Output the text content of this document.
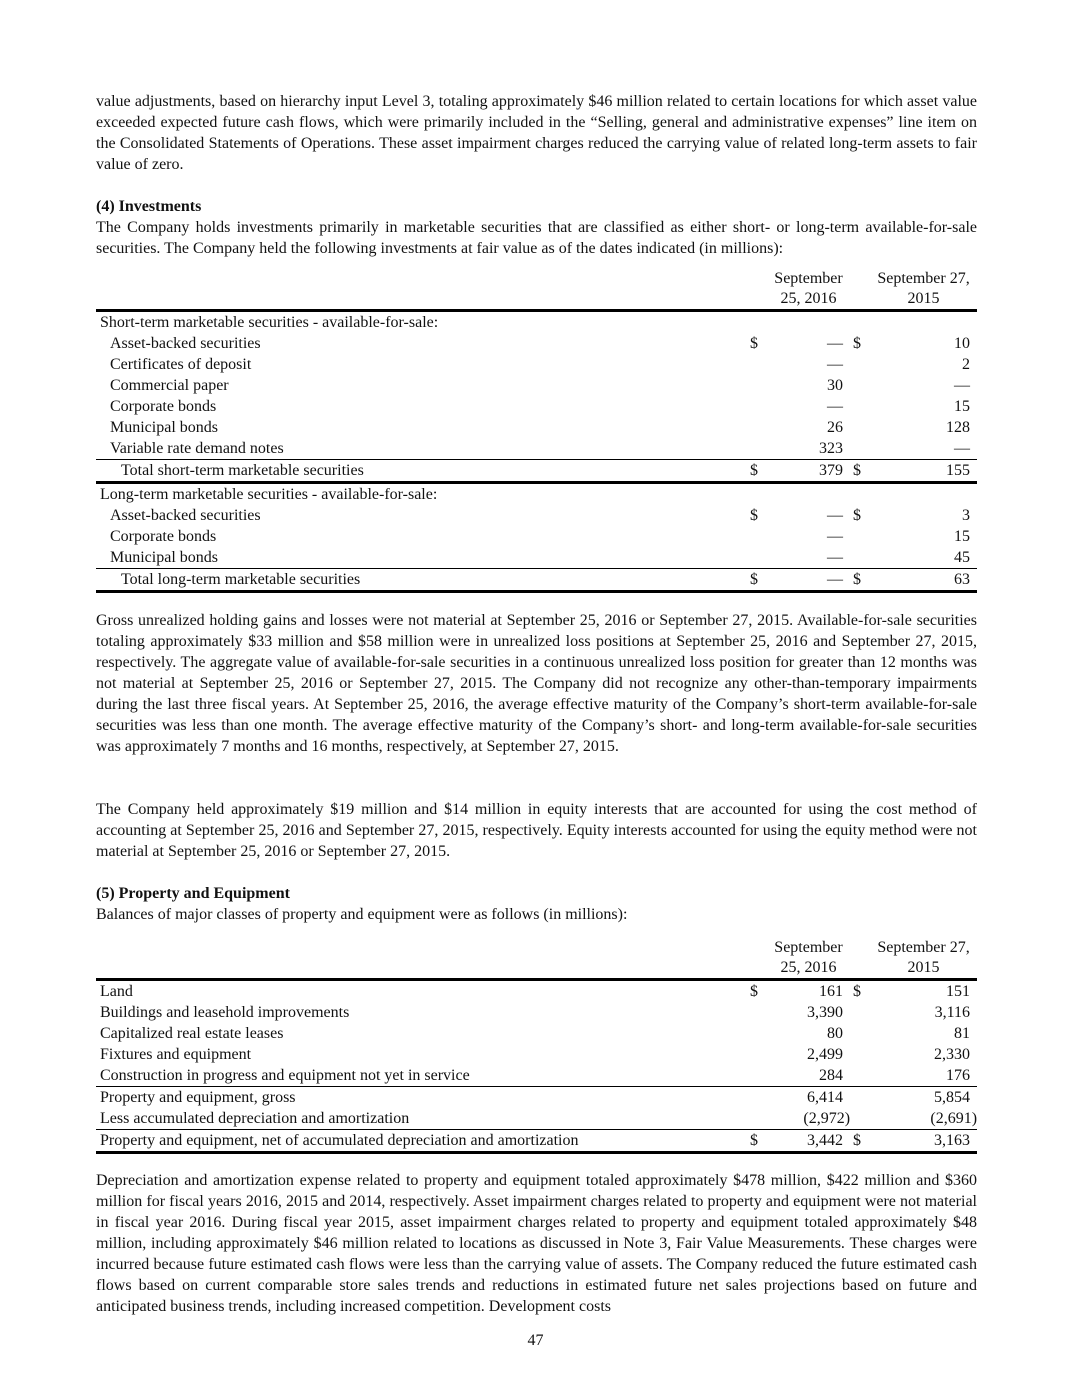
value adjustments, based on hierarchy input Level 3, totaling approximately $46 million related to certain locations for which asset value exceeded expected future cash flows, which were primarily included in the “Selling, general and administrative expenses” line item on the Consolidated Statements of Operations. These asset impairment charges reduced the carrying value of related long-term assets to fair value of zero.

(4) Investments

The Company holds investments primarily in marketable securities that are classified as either short- or long-term available-for-sale securities. The Company held the following investments at fair value as of the dates indicated (in millions):

	September 25, 2016		September 27, 2015	
Short-term marketable securities - available-for-sale:				
Asset-backed securities	$	—	$	10
Certificates of deposit		—		2
Commercial paper		30		—
Corporate bonds		—		15
Municipal bonds		26		128
Variable rate demand notes		323		—
Total short-term marketable securities	$	379	$	155
Long-term marketable securities - available-for-sale:				
Asset-backed securities	$	—	$	3
Corporate bonds		—		15
Municipal bonds		—		45
Total long-term marketable securities	$	—	$	63

Gross unrealized holding gains and losses were not material at September 25, 2016 or September 27, 2015. Available-for-sale securities totaling approximately $33 million and $58 million were in unrealized loss positions at September 25, 2016 and September 27, 2015, respectively. The aggregate value of available-for-sale securities in a continuous unrealized loss position for greater than 12 months was not material at September 25, 2016 or September 27, 2015. The Company did not recognize any other-than-temporary impairments during the last three fiscal years. At September 25, 2016, the average effective maturity of the Company’s short-term available-for-sale securities was less than one month. The average effective maturity of the Company’s short- and long-term available-for-sale securities was approximately 7 months and 16 months, respectively, at September 27, 2015.

The Company held approximately $19 million and $14 million in equity interests that are accounted for using the cost method of accounting at September 25, 2016 and September 27, 2015, respectively. Equity interests accounted for using the equity method were not material at September 25, 2016 or September 27, 2015.

(5) Property and Equipment

Balances of major classes of property and equipment were as follows (in millions):

	September 25, 2016		September 27, 2015	
Land	$	161	$	151
Buildings and leasehold improvements		3,390		3,116
Capitalized real estate leases		80		81
Fixtures and equipment		2,499		2,330
Construction in progress and equipment not yet in service		284		176
Property and equipment, gross		6,414		5,854
Less accumulated depreciation and amortization		(2,972)		(2,691)
Property and equipment, net of accumulated depreciation and amortization	$	3,442	$	3,163

Depreciation and amortization expense related to property and equipment totaled approximately $478 million, $422 million and $360 million for fiscal years 2016, 2015 and 2014, respectively. Asset impairment charges related to property and equipment were not material in fiscal year 2016. During fiscal year 2015, asset impairment charges related to property and equipment totaled approximately $48 million, including approximately $46 million related to locations as discussed in Note 3, Fair Value Measurements. These charges were incurred because future estimated cash flows were less than the carrying value of assets. The Company reduced the future estimated cash flows based on current comparable store sales trends and reductions in estimated future net sales projections based on future and anticipated business trends, including increased competition. Development costs

47
